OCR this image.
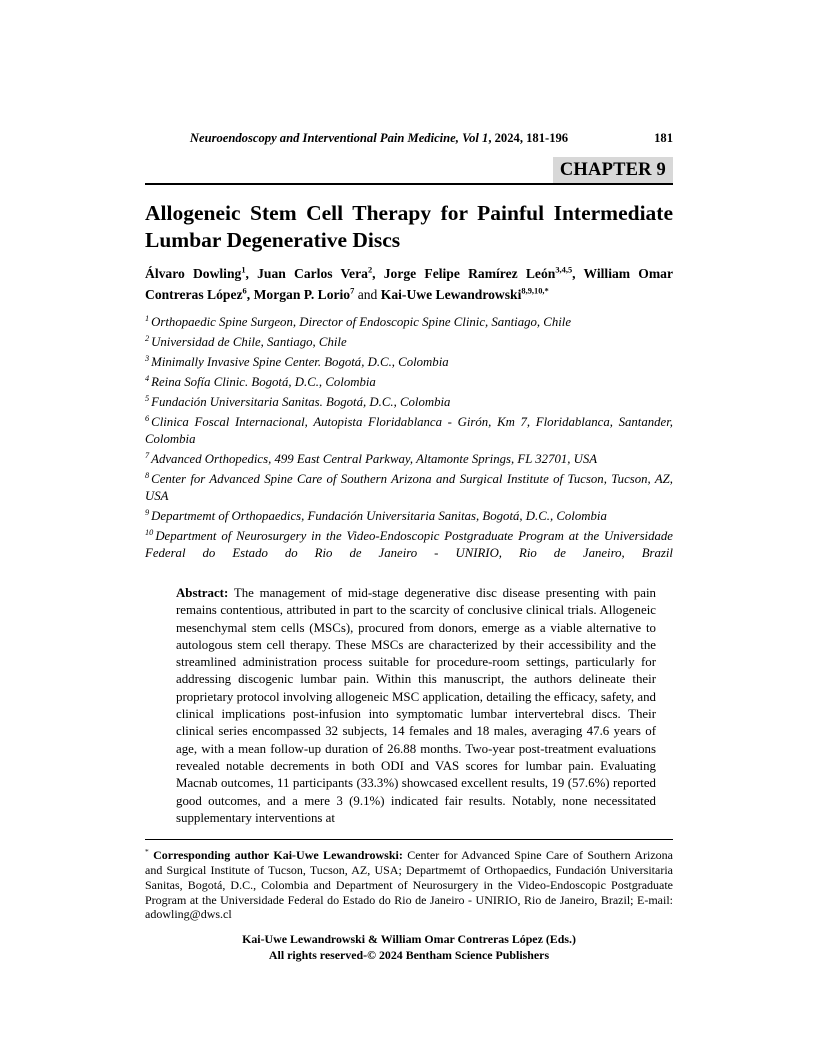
Neuroendoscopy and Interventional Pain Medicine, Vol 1, 2024, 181-196	181
CHAPTER 9
Allogeneic Stem Cell Therapy for Painful Intermediate Lumbar Degenerative Discs
Álvaro Dowling$^1$, Juan Carlos Vera$^2$, Jorge Felipe Ramírez León$^{3,4,5}$, William Omar Contreras López$^6$, Morgan P. Lorio$^7$ and Kai-Uwe Lewandrowski$^{8,9,10,*}$

$^1$ Orthopaedic Spine Surgeon, Director of Endoscopic Spine Clinic, Santiago, Chile

$^2$ Universidad de Chile, Santiago, Chile

$^3$ Minimally Invasive Spine Center. Bogotá, D.C., Colombia

$^4$ Reina Sofía Clinic. Bogotá, D.C., Colombia

$^5$ Fundación Universitaria Sanitas. Bogotá, D.C., Colombia

$^6$ Clinica Foscal Internacional, Autopista Floridablanca - Girón, Km 7, Floridablanca, Santander, Colombia

$^7$ Advanced Orthopedics, 499 East Central Parkway, Altamonte Springs, FL 32701, USA

$^8$ Center for Advanced Spine Care of Southern Arizona and Surgical Institute of Tucson, Tucson, AZ, USA

$^9$ Departmemt of Orthopaedics, Fundación Universitaria Sanitas, Bogotá, D.C., Colombia

$^{10}$ Department of Neurosurgery in the Video-Endoscopic Postgraduate Program at the Universidade Federal do Estado do Rio de Janeiro - UNIRIO, Rio de Janeiro, Brazil

Abstract: The management of mid-stage degenerative disc disease presenting with pain remains contentious, attributed in part to the scarcity of conclusive clinical trials. Allogeneic mesenchymal stem cells (MSCs), procured from donors, emerge as a viable alternative to autologous stem cell therapy. These MSCs are characterized by their accessibility and the streamlined administration process suitable for procedure-room settings, particularly for addressing discogenic lumbar pain. Within this manuscript, the authors delineate their proprietary protocol involving allogeneic MSC application, detailing the efficacy, safety, and clinical implications post-infusion into symptomatic lumbar intervertebral discs. Their clinical series encompassed 32 subjects, 14 females and 18 males, averaging 47.6 years of age, with a mean follow-up duration of 26.88 months. Two-year post-treatment evaluations revealed notable decrements in both ODI and VAS scores for lumbar pain. Evaluating Macnab outcomes, 11 participants (33.3%) showcased excellent results, 19 (57.6%) reported good outcomes, and a mere 3 (9.1%) indicated fair results. Notably, none necessitated supplementary interventions at
* Corresponding author Kai-Uwe Lewandrowski: Center for Advanced Spine Care of Southern Arizona and Surgical Institute of Tucson, Tucson, AZ, USA; Departmemt of Orthopaedics, Fundación Universitaria Sanitas, Bogotá, D.C., Colombia and Department of Neurosurgery in the Video-Endoscopic Postgraduate Program at the Universidade Federal do Estado do Rio de Janeiro - UNIRIO, Rio de Janeiro, Brazil; E-mail: adowling@dws.cl
Kai-Uwe Lewandrowski & William Omar Contreras López (Eds.)
All rights reserved-© 2024 Bentham Science Publishers
